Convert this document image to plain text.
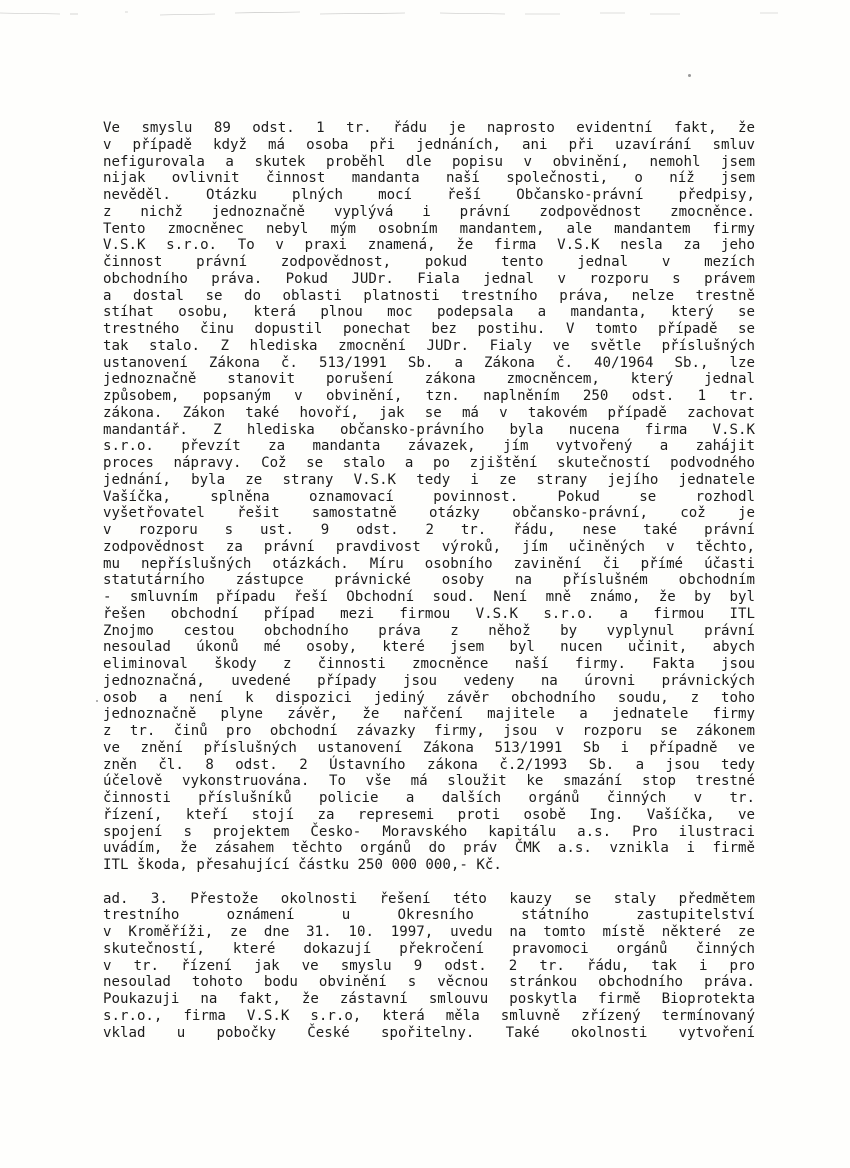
Ve smyslu 89 odst. 1 tr. řádu je naprosto evidentní fakt, že
v případě když má osoba při jednáních, ani při uzavírání smluv
nefigurovala a skutek proběhl dle popisu v obvinění, nemohl jsem
nijak ovlivnit činnost mandanta naší společnosti, o níž jsem
nevěděl. Otázku plných mocí řeší Občansko-právní předpisy,
z nichž jednoznačně vyplývá i právní zodpovědnost zmocněnce.
Tento zmocněnec nebyl mým osobním mandantem, ale mandantem firmy
V.S.K s.r.o. To v praxi znamená, že firma V.S.K nesla za jeho
činnost právní zodpovědnost, pokud tento jednal v mezích
obchodního práva. Pokud JUDr. Fiala jednal v rozporu s právem
a dostal se do oblasti platnosti trestního práva, nelze trestně
stíhat osobu, která plnou moc podepsala a mandanta, který se
trestného činu dopustil ponechat bez postihu. V tomto případě se
tak stalo. Z hlediska zmocnění JUDr. Fialy ve světle příslušných
ustanovení Zákona č. 513/1991 Sb. a Zákona č. 40/1964 Sb., lze
jednoznačně stanovit porušení zákona zmocněncem, který jednal
způsobem, popsaným v obvinění, tzn. naplněním 250 odst. 1 tr.
zákona. Zákon také hovoří, jak se má v takovém případě zachovat
mandantář. Z hlediska občansko-právního byla nucena firma V.S.K
s.r.o. převzít za mandanta závazek, jím vytvořený a zahájit
proces nápravy. Což se stalo a po zjištění skutečností podvodného
jednání, byla ze strany V.S.K tedy i ze strany jejího jednatele
Vašíčka, splněna oznamovací povinnost. Pokud se rozhodl
vyšetřovatel řešit samostatně otázky občansko-právní, což je
v rozporu s ust. 9 odst. 2 tr. řádu, nese také právní
zodpovědnost za právní pravdivost výroků, jím učiněných v těchto,
mu nepříslušných otázkách. Míru osobního zavinění či přímé účasti
statutárního zástupce právnické osoby na příslušném obchodním
- smluvním případu řeší Obchodní soud. Není mně známo, že by byl
řešen obchodní případ mezi firmou V.S.K s.r.o. a firmou ITL
Znojmo cestou obchodního práva z něhož by vyplynul právní
nesoulad úkonů mé osoby, které jsem byl nucen učinit, abych
eliminoval škody z činnosti zmocněnce naší firmy. Fakta jsou
jednoznačná, uvedené případy jsou vedeny na úrovni právnických
osob a není k dispozici jediný závěr obchodního soudu, z toho
jednoznačně plyne závěr, že nařčení majitele a jednatele firmy
z tr. činů pro obchodní závazky firmy, jsou v rozporu se zákonem
ve znění příslušných ustanovení Zákona 513/1991 Sb i případně ve
zněn čl. 8 odst. 2 Ústavního zákona č.2/1993 Sb. a jsou tedy
účelově vykonstruována. To vše má sloužit ke smazání stop trestné
činnosti příslušníků policie a dalších orgánů činných v tr.
řízení, kteří stojí za represemi proti osobě Ing. Vašíčka, ve
spojení s projektem Česko- Moravského kapitálu a.s. Pro ilustraci
uvádím, že zásahem těchto orgánů do práv ČMK a.s. vznikla i firmě
ITL škoda, přesahující částku 250 000 000,- Kč.

ad. 3. Přestože okolnosti řešení této kauzy se staly předmětem
trestního oznámení u Okresního státního zastupitelství
v Kroměříži, ze dne 31. 10. 1997, uvedu na tomto místě některé ze
skutečností, které dokazují překročení pravomoci orgánů činných
v tr. řízení jak ve smyslu 9 odst. 2 tr. řádu, tak i pro
nesoulad tohoto bodu obvinění s věcnou stránkou obchodního práva.
Poukazuji na fakt, že zástavní smlouvu poskytla firmě Bioprotekta
s.r.o., firma V.S.K s.r.o, která měla smluvně zřízený termínovaný
vklad u pobočky České spořitelny. Také okolnosti vytvoření
